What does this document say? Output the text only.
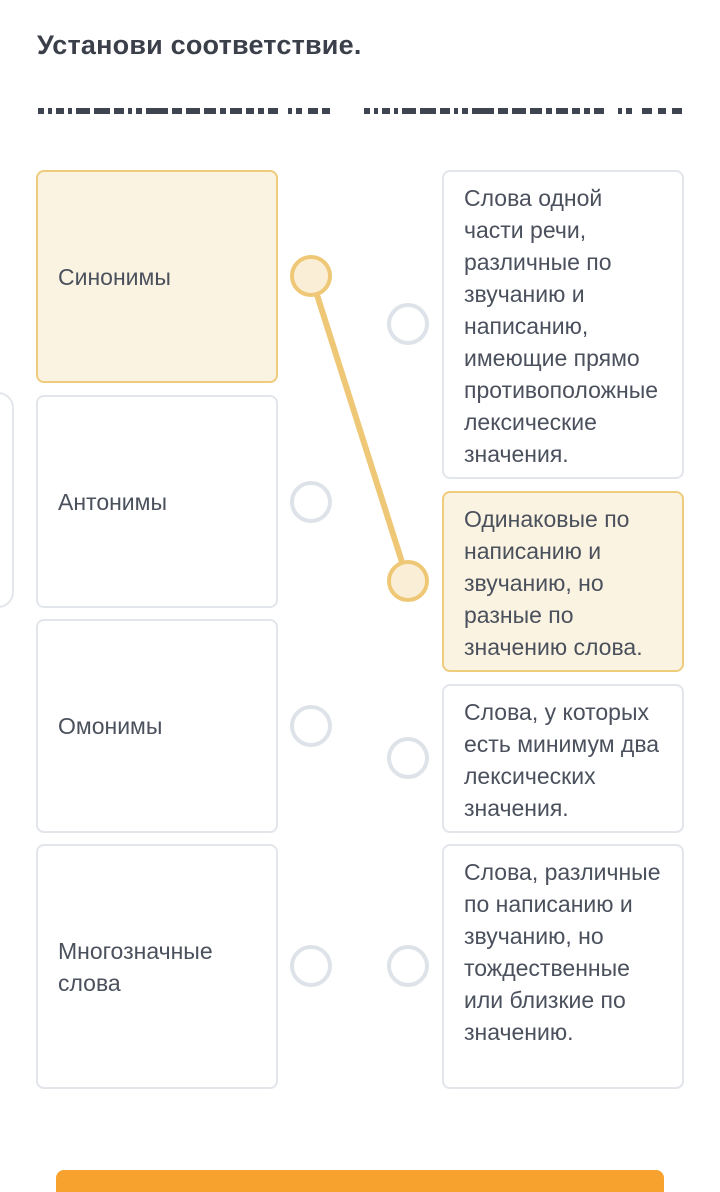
Установи соответствие.
Синонимы
Антонимы
Омонимы
Многозначные слова
Слова одной части речи, различные по звучанию и написанию, имеющие прямо противоположные лексические значения.
Одинаковые по написанию и звучанию, но разные по значению слова.
Слова, у которых есть минимум два лексических значения.
Слова, различные по написанию и звучанию, но тождественные или близкие по значению.
